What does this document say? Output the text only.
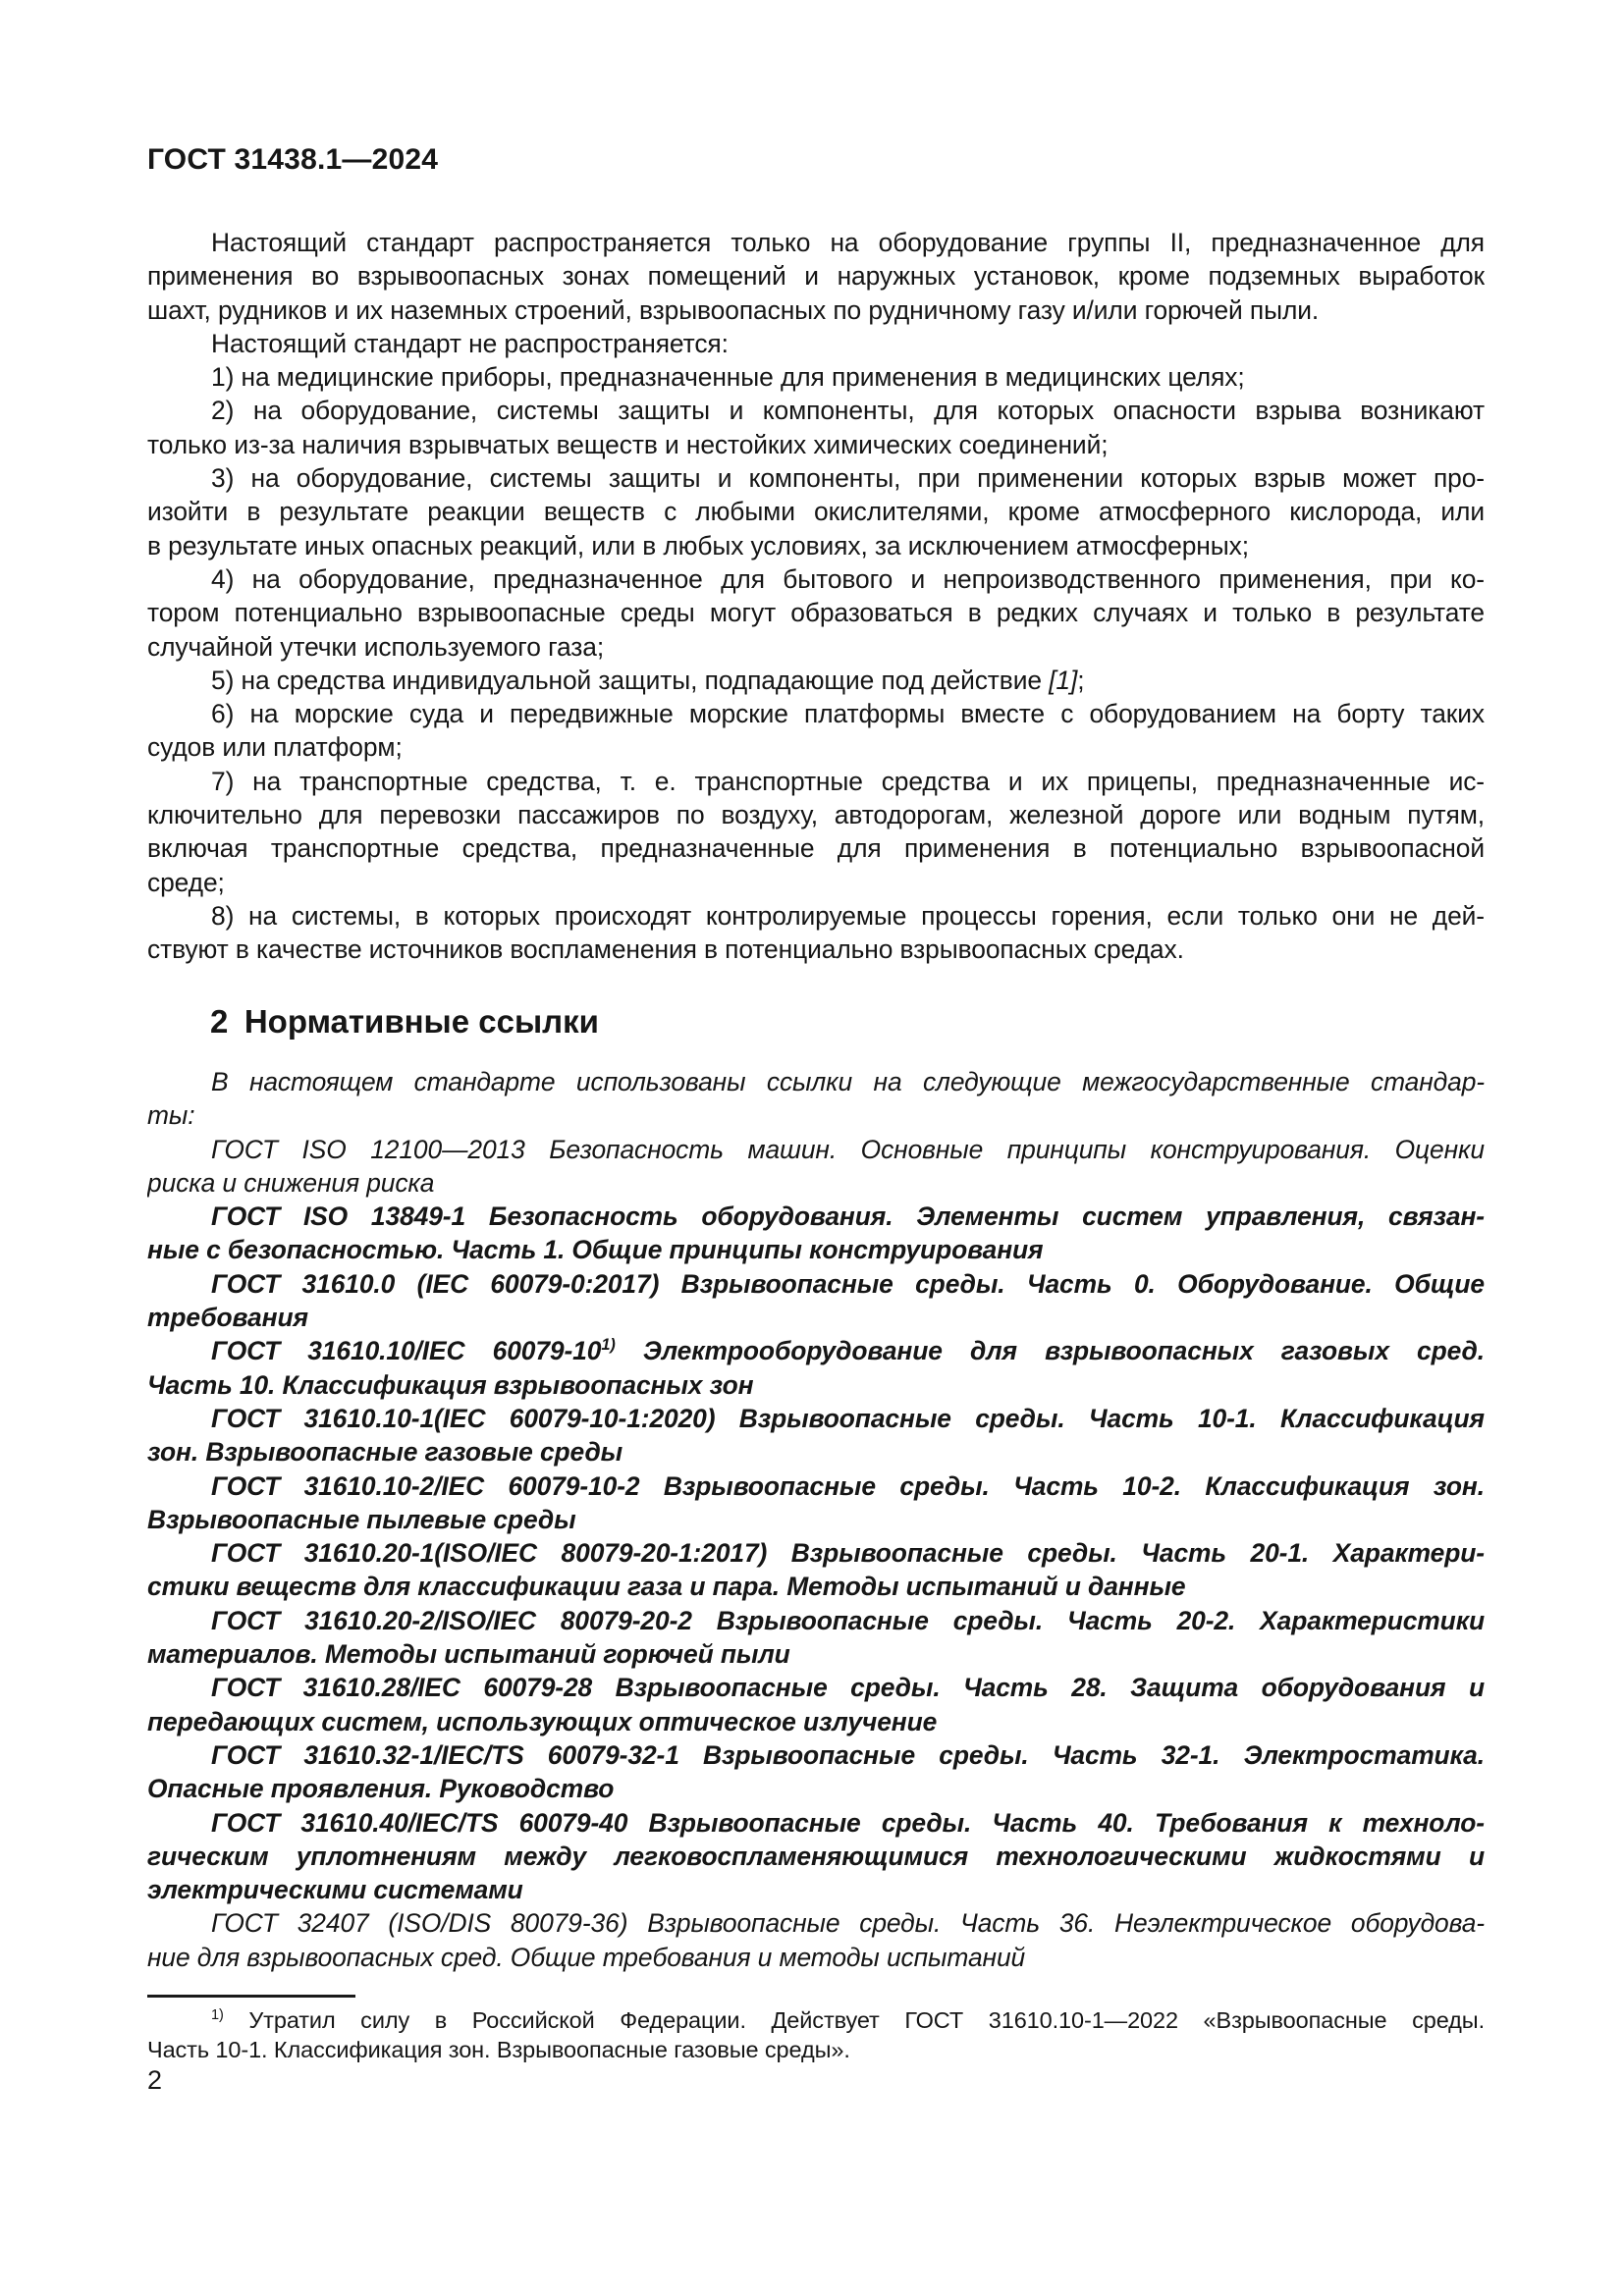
ГОСТ 31438.1—2024
Настоящий стандарт распространяется только на оборудование группы II, предназначенное для
применения во взрывоопасных зонах помещений и наружных установок, кроме подземных выработок
шахт, рудников и их наземных строений, взрывоопасных по рудничному газу и/или горючей пыли.
Настоящий стандарт не распространяется:
1) на медицинские приборы, предназначенные для применения в медицинских целях;
2) на оборудование, системы защиты и компоненты, для которых опасности взрыва возникают
только из-за наличия взрывчатых веществ и нестойких химических соединений;
3) на оборудование, системы защиты и компоненты, при применении которых взрыв может про-
изойти в результате реакции веществ с любыми окислителями, кроме атмосферного кислорода, или
в результате иных опасных реакций, или в любых условиях, за исключением атмосферных;
4) на оборудование, предназначенное для бытового и непроизводственного применения, при ко-
тором потенциально взрывоопасные среды могут образоваться в редких случаях и только в результате
случайной утечки используемого газа;
5) на средства индивидуальной защиты, подпадающие под действие [1];
6) на морские суда и передвижные морские платформы вместе с оборудованием на борту таких
судов или платформ;
7) на транспортные средства, т. е. транспортные средства и их прицепы, предназначенные ис-
ключительно для перевозки пассажиров по воздуху, автодорогам, железной дороге или водным путям,
включая транспортные средства, предназначенные для применения в потенциально взрывоопасной
среде;
8) на системы, в которых происходят контролируемые процессы горения, если только они не дей-
ствуют в качестве источников воспламенения в потенциально взрывоопасных средах.
2 Нормативные ссылки
В настоящем стандарте использованы ссылки на следующие межгосударственные стандар-
ты:
ГОСТ ISO 12100—2013 Безопасность машин. Основные принципы конструирования. Оценки
риска и снижения риска
ГОСТ ISO 13849-1 Безопасность оборудования. Элементы систем управления, связан-
ные с безопасностью. Часть 1. Общие принципы конструирования
ГОСТ 31610.0 (IEC 60079-0:2017) Взрывоопасные среды. Часть 0. Оборудование. Общие
требования
ГОСТ 31610.10/IEC 60079-10$^{1)}$ Электрооборудование для взрывоопасных газовых сред.
Часть 10. Классификация взрывоопасных зон
ГОСТ 31610.10-1(IEC 60079-10-1:2020) Взрывоопасные среды. Часть 10-1. Классификация
зон. Взрывоопасные газовые среды
ГОСТ 31610.10-2/IEC 60079-10-2 Взрывоопасные среды. Часть 10-2. Классификация зон.
Взрывоопасные пылевые среды
ГОСТ 31610.20-1(ISO/IEC 80079-20-1:2017) Взрывоопасные среды. Часть 20-1. Характери-
стики веществ для классификации газа и пара. Методы испытаний и данные
ГОСТ 31610.20-2/ISO/IEC 80079-20-2 Взрывоопасные среды. Часть 20-2. Характеристики
материалов. Методы испытаний горючей пыли
ГОСТ 31610.28/IEC 60079-28 Взрывоопасные среды. Часть 28. Защита оборудования и
передающих систем, использующих оптическое излучение
ГОСТ 31610.32-1/IEC/TS 60079-32-1 Взрывоопасные среды. Часть 32-1. Электростатика.
Опасные проявления. Руководство
ГОСТ 31610.40/IEC/TS 60079-40 Взрывоопасные среды. Часть 40. Требования к техноло-
гическим уплотнениям между легковоспламеняющимися технологическими жидкостями и
электрическими системами
ГОСТ 32407 (ISO/DIS 80079-36) Взрывоопасные среды. Часть 36. Неэлектрическое оборудова-
ние для взрывоопасных сред. Общие требования и методы испытаний
$^{1)}$ Утратил силу в Российской Федерации. Действует ГОСТ 31610.10-1—2022 «Взрывоопасные среды.
Часть 10-1. Классификация зон. Взрывоопасные газовые среды».
2
